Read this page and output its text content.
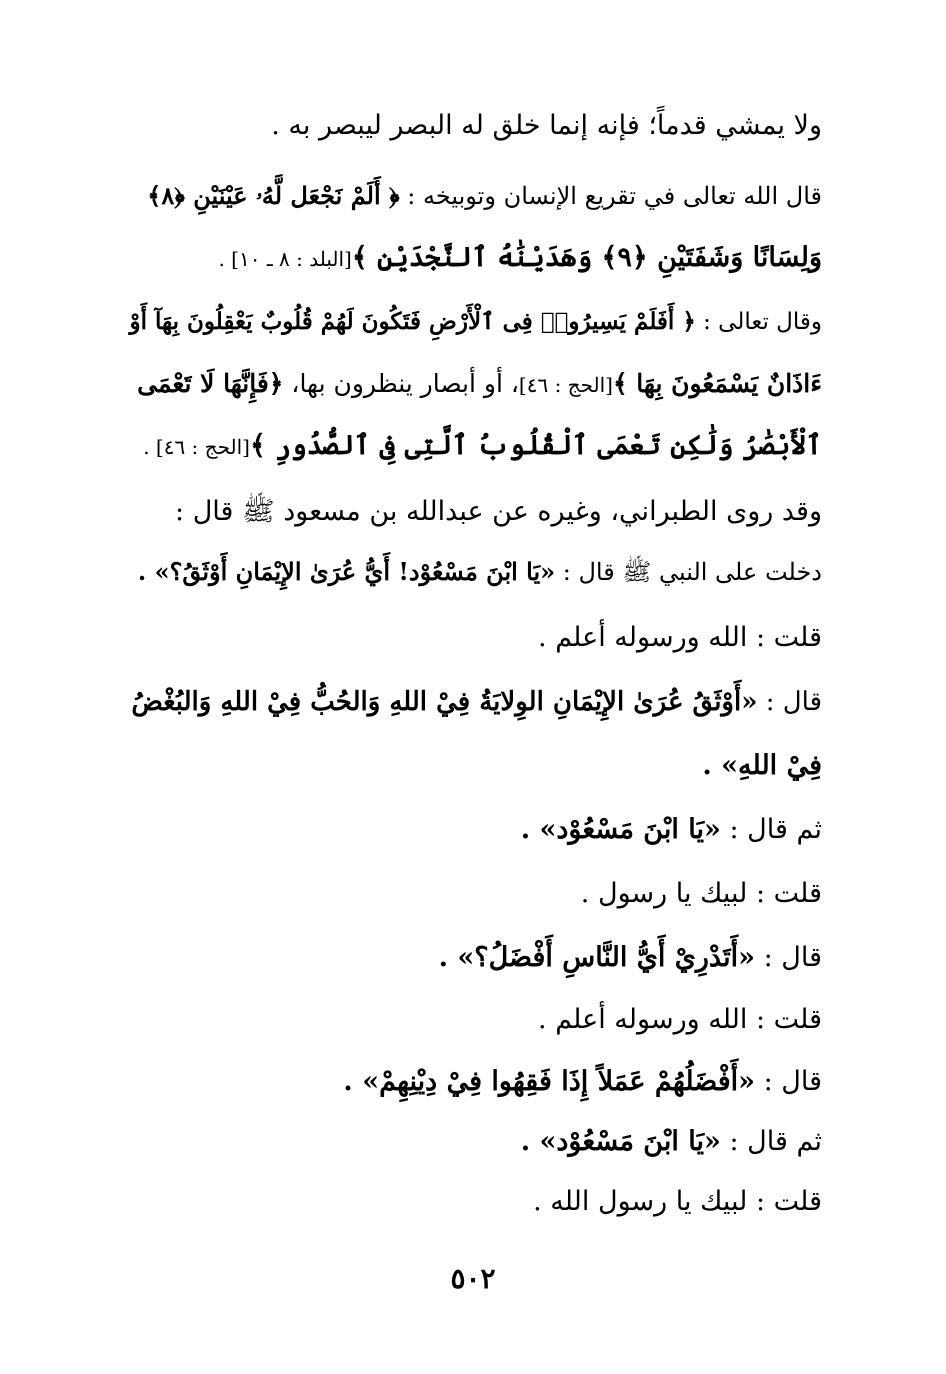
ولا يمشي قدماً؛ فإنه إنما خلق له البصر ليبصر به .
قال الله تعالى في تقريع الإنسان وتوبيخه : ﴿ أَلَمْ نَجْعَل لَّهُۥ عَيْنَيْنِ ﴿٨﴾
وَلِسَانًا وَشَفَتَيْنِ ﴿٩﴾ وَهَدَيْنَٰهُ ٱلنَّجْدَيْنِ ﴾[البلد : ٨ ـ ١٠] .
وقال تعالى : ﴿ أَفَلَمْ يَسِيرُوا۟ فِى ٱلْأَرْضِ فَتَكُونَ لَهُمْ قُلُوبٌ يَعْقِلُونَ بِهَآ أَوْ
ءَاذَانٌ يَسْمَعُونَ بِهَا ﴾[الحج : ٤٦]، أو أبصار ينظرون بها، ﴿فَإِنَّهَا لَا تَعْمَى
ٱلْأَبْصَٰرُ وَلَٰكِن تَعْمَى ٱلْقُلُوبُ ٱلَّتِى فِى ٱلصُّدُورِ ﴾[الحج : ٤٦] .
وقد روى الطبراني، وغيره عن عبدالله بن مسعود ﷺ قال :
دخلت على النبي ﷺ قال : «يَا ابْنَ مَسْعُوْد! أَيُّ عُرَىٰ الإِيْمَانِ أَوْثَقُ؟» .
قلت : الله ورسوله أعلم .
قال : «أَوْثَقُ عُرَىٰ الإِيْمَانِ الوِلايَةُ فِيْ اللهِ وَالحُبُّ فِيْ اللهِ وَالبُغْضُ
فِيْ اللهِ» .
ثم قال : «يَا ابْنَ مَسْعُوْد» .
قلت : لبيك يا رسول .
قال : «أَتَدْرِيْ أَيُّ النَّاسِ أَفْضَلُ؟» .
قلت : الله ورسوله أعلم .
قال : «أَفْضَلُهُمْ عَمَلاً إِذَا فَقِهُوا فِيْ دِيْنِهِمْ» .
ثم قال : «يَا ابْنَ مَسْعُوْد» .
قلت : لبيك يا رسول الله .
٥٠٢
